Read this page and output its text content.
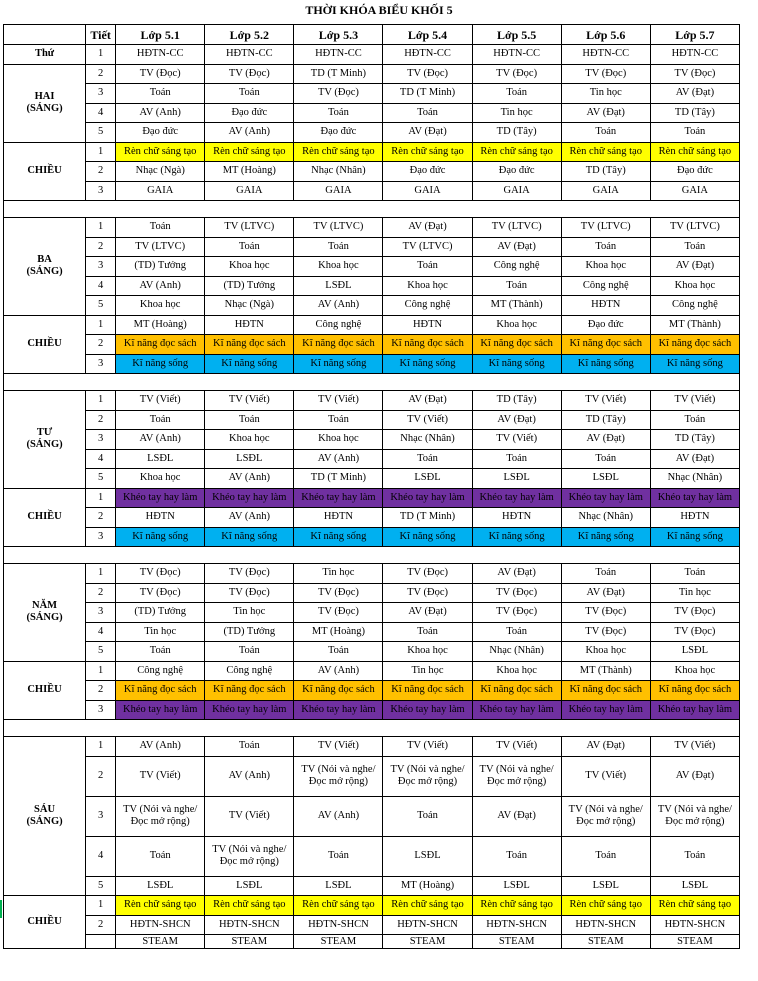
THỜI KHÓA BIỂU KHỐI 5
	Tiết	Lớp 5.1	Lớp 5.2	Lớp 5.3	Lớp 5.4	Lớp 5.5	Lớp 5.6	Lớp 5.7
Thứ	1	HĐTN-CC	HĐTN-CC	HĐTN-CC	HĐTN-CC	HĐTN-CC	HĐTN-CC	HĐTN-CC
HAI
(SÁNG)	2	TV (Đọc)	TV (Đọc)	TD (T Minh)	TV (Đọc)	TV (Đọc)	TV (Đọc)	TV (Đọc)
	3	Toán	Toán	TV (Đọc)	TD (T Minh)	Toán	Tin học	AV (Đạt)
	4	AV (Anh)	Đạo đức	Toán	Toán	Tin học	AV (Đạt)	TD (Tây)
	5	Đạo đức	AV (Anh)	Đạo đức	AV (Đạt)	TD (Tây)	Toán	Toán
CHIỀU	1	Rèn chữ sáng tạo	Rèn chữ sáng tạo	Rèn chữ sáng tạo	Rèn chữ sáng tạo	Rèn chữ sáng tạo	Rèn chữ sáng tạo	Rèn chữ sáng tạo
	2	Nhạc (Ngà)	MT (Hoàng)	Nhạc (Nhân)	Đạo đức	Đạo đức	TD (Tây)	Đạo đức
	3	GAIA	GAIA	GAIA	GAIA	GAIA	GAIA	GAIA

BA
(SÁNG)	1	Toán	TV (LTVC)	TV (LTVC)	AV (Đạt)	TV (LTVC)	TV (LTVC)	TV (LTVC)
	2	TV (LTVC)	Toán	Toán	TV (LTVC)	AV (Đạt)	Toán	Toán
	3	(TD) Tưởng	Khoa học	Khoa học	Toán	Công nghệ	Khoa học	AV (Đạt)
	4	AV (Anh)	(TD) Tưởng	LSĐL	Khoa học	Toán	Công nghệ	Khoa học
	5	Khoa học	Nhạc (Ngà)	AV (Anh)	Công nghệ	MT (Thành)	HĐTN	Công nghệ
CHIỀU	1	MT (Hoàng)	HĐTN	Công nghệ	HĐTN	Khoa học	Đạo đức	MT (Thành)
	2	Kĩ năng đọc sách	Kĩ năng đọc sách	Kĩ năng đọc sách	Kĩ năng đọc sách	Kĩ năng đọc sách	Kĩ năng đọc sách	Kĩ năng đọc sách
	3	Kĩ năng sống	Kĩ năng sống	Kĩ năng sống	Kĩ năng sống	Kĩ năng sống	Kĩ năng sống	Kĩ năng sống

TƯ
(SÁNG)	1	TV (Viết)	TV (Viết)	TV (Viết)	AV (Đạt)	TD (Tây)	TV (Viết)	TV (Viết)
	2	Toán	Toán	Toán	TV (Viết)	AV (Đạt)	TD (Tây)	Toán
	3	AV (Anh)	Khoa học	Khoa học	Nhạc (Nhân)	TV (Viết)	AV (Đạt)	TD (Tây)
	4	LSĐL	LSĐL	AV (Anh)	Toán	Toán	Toán	AV (Đạt)
	5	Khoa học	AV (Anh)	TD (T Minh)	LSĐL	LSĐL	LSĐL	Nhạc (Nhân)
CHIỀU	1	Khéo tay hay làm	Khéo tay hay làm	Khéo tay hay làm	Khéo tay hay làm	Khéo tay hay làm	Khéo tay hay làm	Khéo tay hay làm
	2	HĐTN	AV (Anh)	HĐTN	TD (T Minh)	HĐTN	Nhạc (Nhân)	HĐTN
	3	Kĩ năng sống	Kĩ năng sống	Kĩ năng sống	Kĩ năng sống	Kĩ năng sống	Kĩ năng sống	Kĩ năng sống

NĂM
(SÁNG)	1	TV (Đọc)	TV (Đọc)	Tin học	TV (Đọc)	AV (Đạt)	Toán	Toán
	2	TV (Đọc)	TV (Đọc)	TV (Đọc)	TV (Đọc)	TV (Đọc)	AV (Đạt)	Tin học
	3	(TD) Tưởng	Tin học	TV (Đọc)	AV (Đạt)	TV (Đọc)	TV (Đọc)	TV (Đọc)
	4	Tin học	(TD) Tưởng	MT (Hoàng)	Toán	Toán	TV (Đọc)	TV (Đọc)
	5	Toán	Toán	Toán	Khoa học	Nhạc (Nhân)	Khoa học	LSĐL
CHIỀU	1	Công nghệ	Công nghệ	AV (Anh)	Tin học	Khoa học	MT (Thành)	Khoa học
	2	Kĩ năng đọc sách	Kĩ năng đọc sách	Kĩ năng đọc sách	Kĩ năng đọc sách	Kĩ năng đọc sách	Kĩ năng đọc sách	Kĩ năng đọc sách
	3	Khéo tay hay làm	Khéo tay hay làm	Khéo tay hay làm	Khéo tay hay làm	Khéo tay hay làm	Khéo tay hay làm	Khéo tay hay làm

SÁU
(SÁNG)	1	AV (Anh)	Toán	TV (Viết)	TV (Viết)	TV (Viết)	AV (Đạt)	TV (Viết)
	2	TV (Viết)	AV (Anh)	TV (Nói và nghe/Đọc mở rộng)	TV (Nói và nghe/Đọc mở rộng)	TV (Nói và nghe/Đọc mở rộng)	TV (Viết)	AV (Đạt)
	3	TV (Nói và nghe/Đọc mở rộng)	TV (Viết)	AV (Anh)	Toán	AV (Đạt)	TV (Nói và nghe/Đọc mở rộng)	TV (Nói và nghe/Đọc mở rộng)
	4	Toán	TV (Nói và nghe/Đọc mở rộng)	Toán	LSĐL	Toán	Toán	Toán
	5	LSĐL	LSĐL	LSĐL	MT (Hoàng)	LSĐL	LSĐL	LSĐL
CHIỀU	1	Rèn chữ sáng tạo	Rèn chữ sáng tạo	Rèn chữ sáng tạo	Rèn chữ sáng tạo	Rèn chữ sáng tạo	Rèn chữ sáng tạo	Rèn chữ sáng tạo
	2	HĐTN-SHCN	HĐTN-SHCN	HĐTN-SHCN	HĐTN-SHCN	HĐTN-SHCN	HĐTN-SHCN	HĐTN-SHCN
		STEAM	STEAM	STEAM	STEAM	STEAM	STEAM	STEAM
